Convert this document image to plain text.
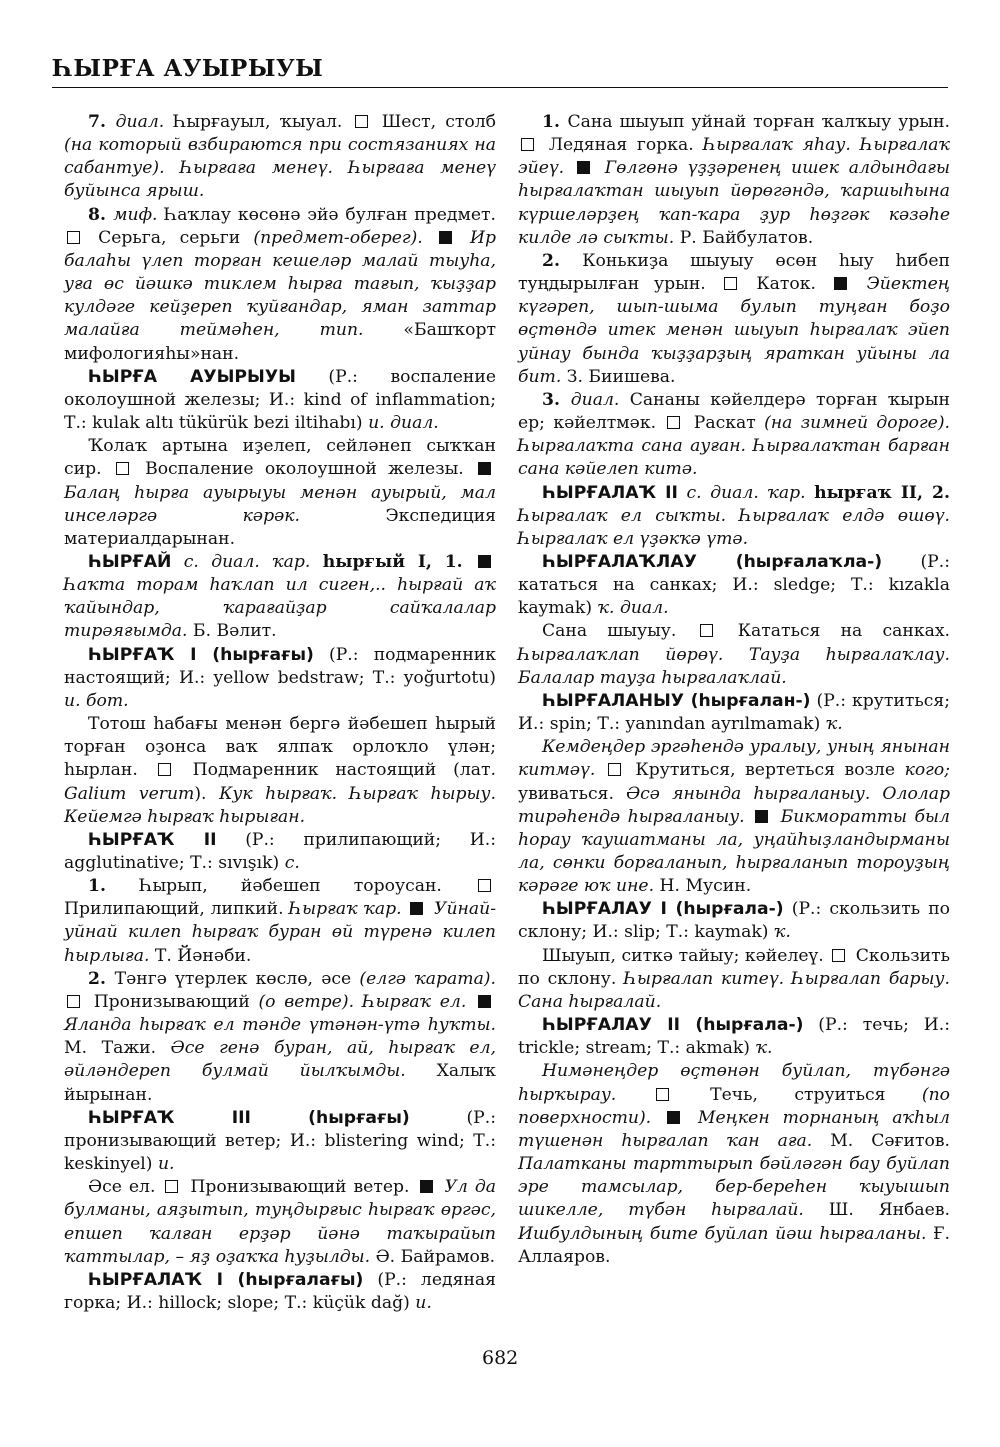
ҺЫРҒА АУЫРЫУЫ

7. диал. Һырғауыл, ҡыуал.  Шест, столб (на который взбираются при состязаниях на сабантуе). Һырғаға менеү. Һырғаға менеү буйынса ярыш.

8. миф. Һаҡлау көсөнә эйә булған предмет.  Серьга, серьги (предмет-оберег).  Ир балаһы үлеп торған кешеләр малай тыуһа, уға өс йәшкә тиклем һырға тағып, ҡыҙҙар кулдәге кейҙереп ҡуйғандар, яман заттар малайға теймәһен, тип. «Башҡорт мифологияһы»нан.

ҺЫРҒА АУЫРЫУЫ (Р.: воспаление околоушной железы; И.: kind of inflammation; Т.: kulak altı tükürük bezi iltihabı) и. диал.

Ҡолаҡ артына иҙелеп, сейләнеп сыҡҡан сир.  Воспаление околоушной железы.  Балаң һырға ауырыуы менән ауырый, мал инселәргә кәрәк. Экспедиция материалдарынан.

ҺЫРҒАЙ с. диал. ҡар. һырғый I, 1.  Һаҡта торам һаҡлап ил сиген,.. һырғай аҡ ҡайындар, ҡарағайҙар сайҡалалар тирәяғымда. Б. Вәлит.

ҺЫРҒАҠ I (һырғағы) (Р.: подмаренник настоящий; И.: yellow bedstraw; Т.: yoğurtotu) и. бот.

Тотош һабағы менән бергә йәбешеп һырый торған оҙонса ваҡ ялпаҡ орлоҡло үлән; һырлан.  Подмаренник настоящий (лат. Galium verum). Кук һырғаҡ. Һырғаҡ һырыу. Кейемгә һырғаҡ һырыған.

ҺЫРҒАҠ II (Р.: прилипающий; И.: agglutinative; Т.: sıvışık) с.

1. Һырып, йәбешеп тороусан.  Прилипающий, липкий. Һырғаҡ ҡар.  Уйнай-уйнай килеп һырғаҡ буран өй түренә килеп һырлыға. Т. Йәнәби.

2. Тәнгә үтерлек көслө, әсе (елгә ҡарата).  Пронизывающий (о ветре). Һырғаҡ ел.  Яланда һырғаҡ ел тәнде үтәнән-үтә һуҡты. М. Тажи. Әсе генә буран, ай, һырғаҡ ел, әйләндереп булмай йылҡымды. Халыҡ йырынан.

ҺЫРҒАҠ III (һырғағы) (Р.: пронизывающий ветер; И.: blistering wind; Т.: keskinyel) и.

Әсе ел.  Пронизывающий ветер.  Ул да булманы, аяҙытып, туңдырғыс һырғаҡ өргәс, епшеп ҡалған ерҙәр йәнә таҡырайып ҡаттылар, – яҙ оҙаҡҡа һуҙылды. Ә. Байрамов.

ҺЫРҒАЛАҠ I (һырғалағы) (Р.: ледяная горка; И.: hillock; slope; Т.: küçük dağ) и.

1. Сана шыуып уйнай торған ҡалҡыу урын.  Ледяная горка. Һырғалаҡ яһау. Һырғалаҡ эйеү.  Гөлгөнә үҙҙәренең ишек алдындағы һырғалаҡтан шыуып йөрөгәндә, ҡаршыһына күршеләрҙең ҡап-ҡара ҙур һөҙгәк кәзәһе килде лә сыҡты. Р. Байбулатов.

2. Конькиҙа шыуыу өсөн һыу һибеп туңдырылған урын.  Каток.  Эйектең күгәреп, шып-шыма булып туңған боҙо өҫтөндә итек менән шыуып һырғалаҡ эйеп уйнау бында ҡыҙҙарҙың яраткан уйыны ла бит. З. Биишева.

3. диал. Сананы кәйелдерә торған ҡырын ер; кәйелтмәк.  Раскат (на зимней дороге). Һырғалаҡта сана ауған. Һырғалаҡтан барған сана кәйелеп китә.

ҺЫРҒАЛАҠ II с. диал. ҡар. һырғаҡ II, 2. Һырғалаҡ ел сыҡты. Һырғалаҡ елдә өшөү. Һырғалаҡ ел үҙәкҡә үтә.

ҺЫРҒАЛАҠЛАУ (һырғалаҡла-) (Р.: кататься на санках; И.: sledge; Т.: kızakla kaymak) ҡ. диал.

Сана шыуыу.  Кататься на санках. Һырғалаҡлап йөрөү. Тауҙа һырғалаҡлау. Балалар тауҙа һырғалаҡлай.

ҺЫРҒАЛАНЫУ (һырғалан-) (Р.: крутиться; И.: spin; Т.: yanından ayrılmamak) ҡ.

Кемдеңдер эргәһендә уралыу, уның янынан китмәү.  Крутиться, вертеться возле кого; увиваться. Әсә янында һырғаланыу. Ололар тирәһендә һырғаланыу.  Бикморатты был һорау ҡаушатманы ла, уңайһыҙландырманы ла, сөнки борғаланып, һырғаланып тороуҙың кәрәге юҡ ине. Н. Мусин.

ҺЫРҒАЛАУ I (һырғала-) (Р.: скользить по склону; И.: slip; Т.: kaymak) ҡ.

Шыуып, ситкә тайыу; кәйелеү.  Скользить по склону. Һырғалап китеү. Һырғалап барыу. Сана һырғалай.

ҺЫРҒАЛАУ II (һырғала-) (Р.: течь; И.: trickle; stream; Т.: akmak) ҡ.

Нимәнеңдер өҫтөнән буйлап, түбәнгә һырҡырау.	Течь, струиться (по поверхности).  Меңкен торнаның аҡһыл түшенән һырғалап ҡан аға. М. Сәғитов. Палатканы тарттырып бәйләгән бау буйлап эре тамсылар, бер-береһен ҡыуышып шикелле, түбән һырғалай. Ш. Янбаев. Ишбулдының бите буйлап йәш һырғаланы. Ғ. Аллаяров.

682
